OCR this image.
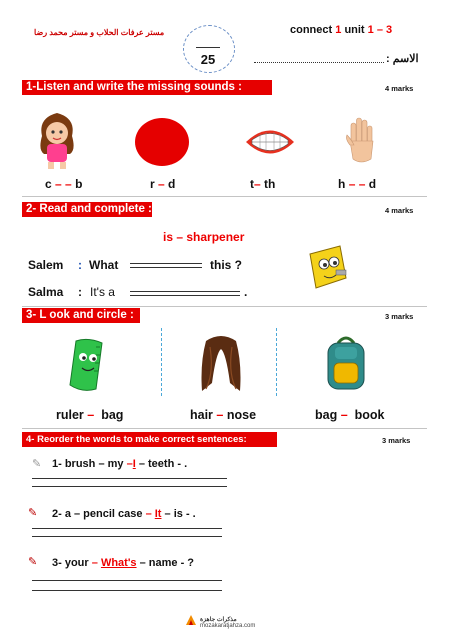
مستر عرفات الحلاب و مستر محمد رضا
25
connect 1 unit 1 – 3
الاسم :
1-Listen and write the missing sounds :	4 marks
c – – b	r – d	t– th	h – – d
2- Read and complete :	4 marks
is – sharpener
Salem : What	this ?
Salma : It's a	.
3- L ook and circle :	3 marks
ruler – bag	hair – nose	bag – book
4- Reorder the words to make correct sentences:	3 marks
✎ 1- brush – my –I – teeth - .
✎ 2- a – pencil case – It – is - .
✎ 3- your – What's – name - ?
مذكرات جاهزة
mozakaratjahza.com
